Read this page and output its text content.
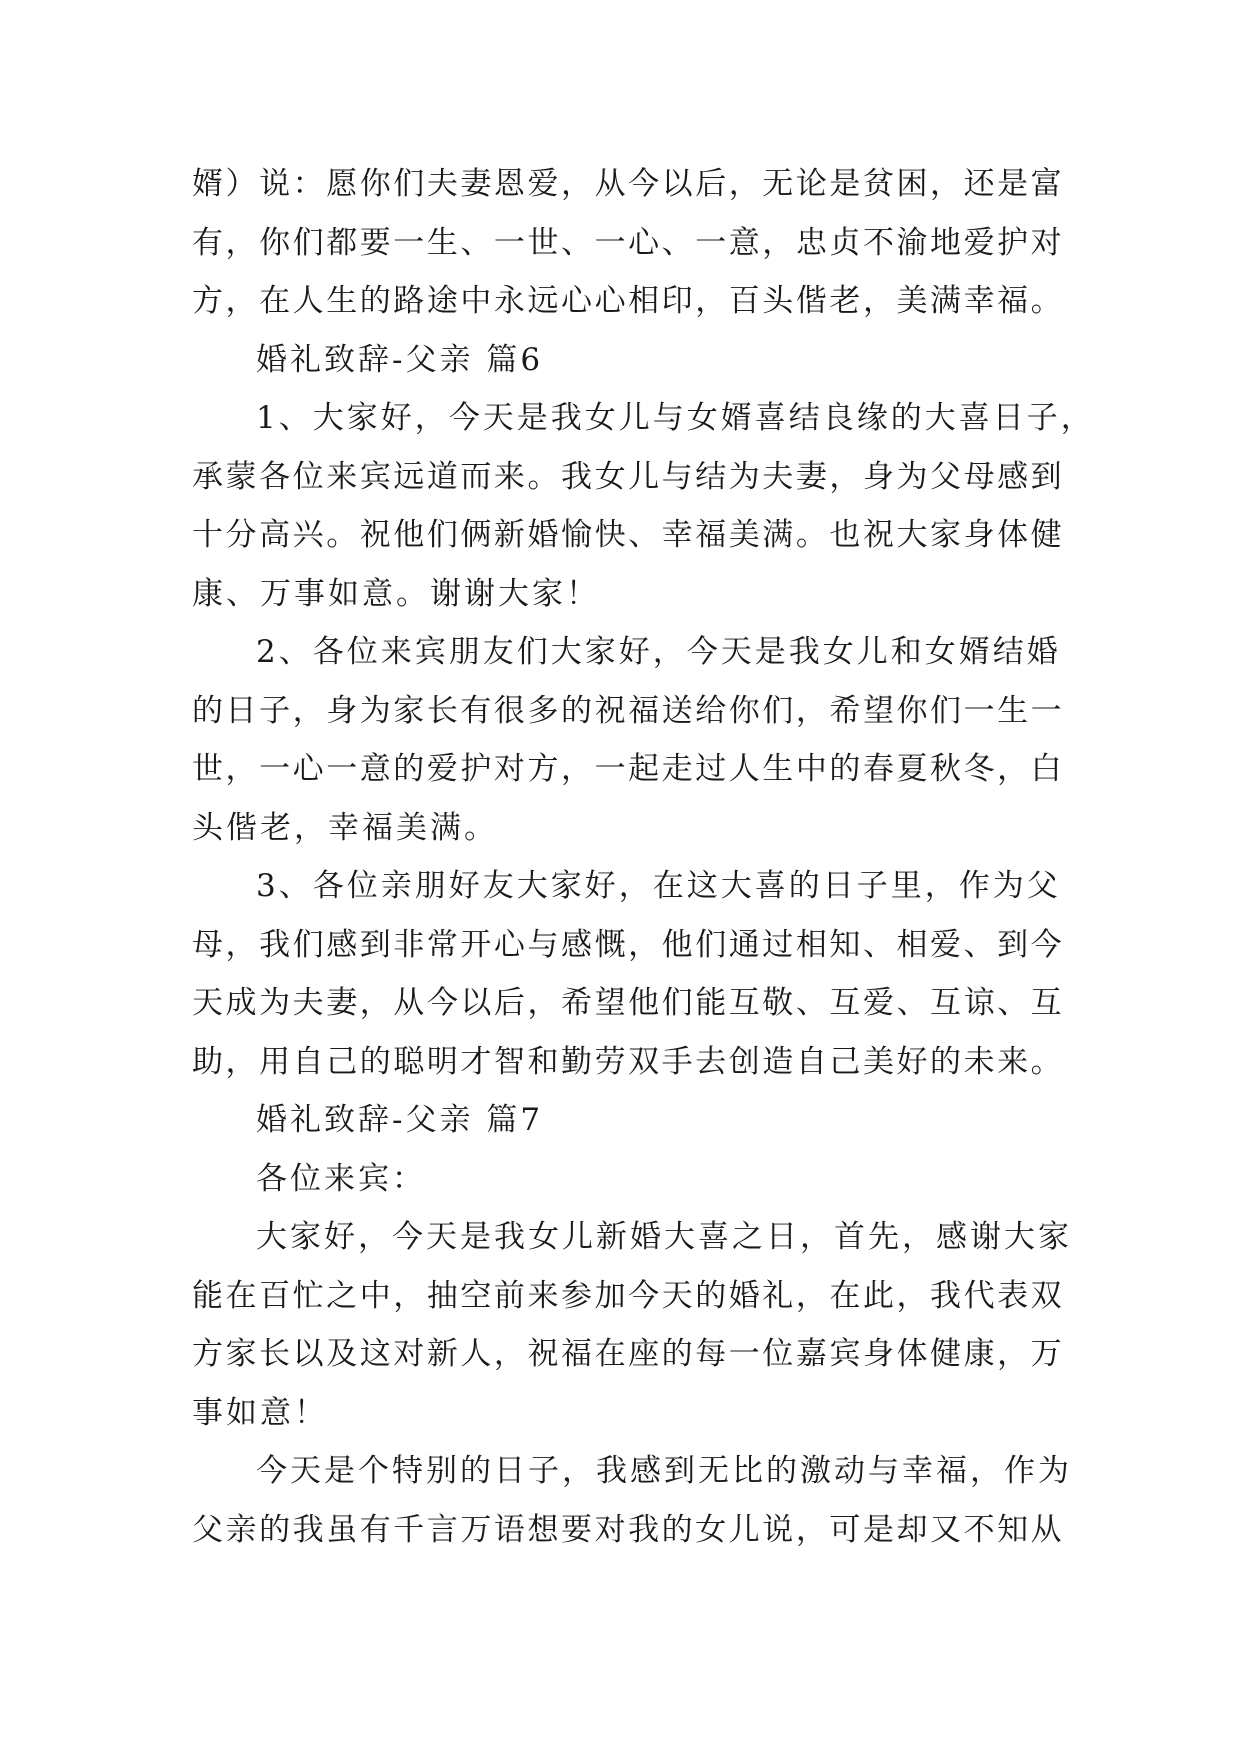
婿 ） 说 ： 愿 你 们 夫 妻 恩 爱 ， 从 今 以 后 ， 无 论 是 贫 困 ， 还 是 富
有 ， 你 们 都 要 一 生 、 一 世 、 一 心 、 一 意 ， 忠 贞 不 渝 地 爱 护 对
方 ， 在 人 生 的 路 途 中 永 远 心 心 相 印 ， 百 头 偕 老 ， 美 满 幸 福 。
婚礼致辞-父亲 篇6
1、大家好，今天是我女儿与女婿喜结良缘的大喜日子，
承 蒙 各 位 来 宾 远 道 而 来 。 我 女 儿 与 结 为 夫 妻 ， 身 为 父 母 感 到
十 分 高 兴 。 祝 他 们 俩 新 婚 愉 快 、 幸 福 美 满 。 也 祝 大 家 身 体 健
康、万事如意。谢谢大家！
2、各位来宾朋友们大家好，今天是我女儿和女婿结婚
的 日 子 ， 身 为 家 长 有 很 多 的 祝 福 送 给 你 们 ， 希 望 你 们 一 生 一
世 ， 一 心 一 意 的 爱 护 对 方 ， 一 起 走 过 人 生 中 的 春 夏 秋 冬 ， 白
头偕老，幸福美满。
3、各位亲朋好友大家好，在这大喜的日子里，作为父
母 ， 我 们 感 到 非 常 开 心 与 感 慨 ， 他 们 通 过 相 知 、 相 爱 、 到 今
天 成 为 夫 妻 ， 从 今 以 后 ， 希 望 他 们 能 互 敬 、 互 爱 、 互 谅 、 互
助 ， 用 自 己 的 聪 明 才 智 和 勤 劳 双 手 去 创 造 自 己 美 好 的 未 来 。
婚礼致辞-父亲 篇7
各位来宾：
大家好，今天是我女儿新婚大喜之日，首先，感谢大家
能 在 百 忙 之 中 ， 抽 空 前 来 参 加 今 天 的 婚 礼 ， 在 此 ， 我 代 表 双
方 家 长 以 及 这 对 新 人 ， 祝 福 在 座 的 每 一 位 嘉 宾 身 体 健 康 ， 万
事如意！
今天是个特别的日子，我感到无比的激动与幸福，作为
父 亲 的 我 虽 有 千 言 万 语 想 要 对 我 的 女 儿 说 ， 可 是 却 又 不 知 从
